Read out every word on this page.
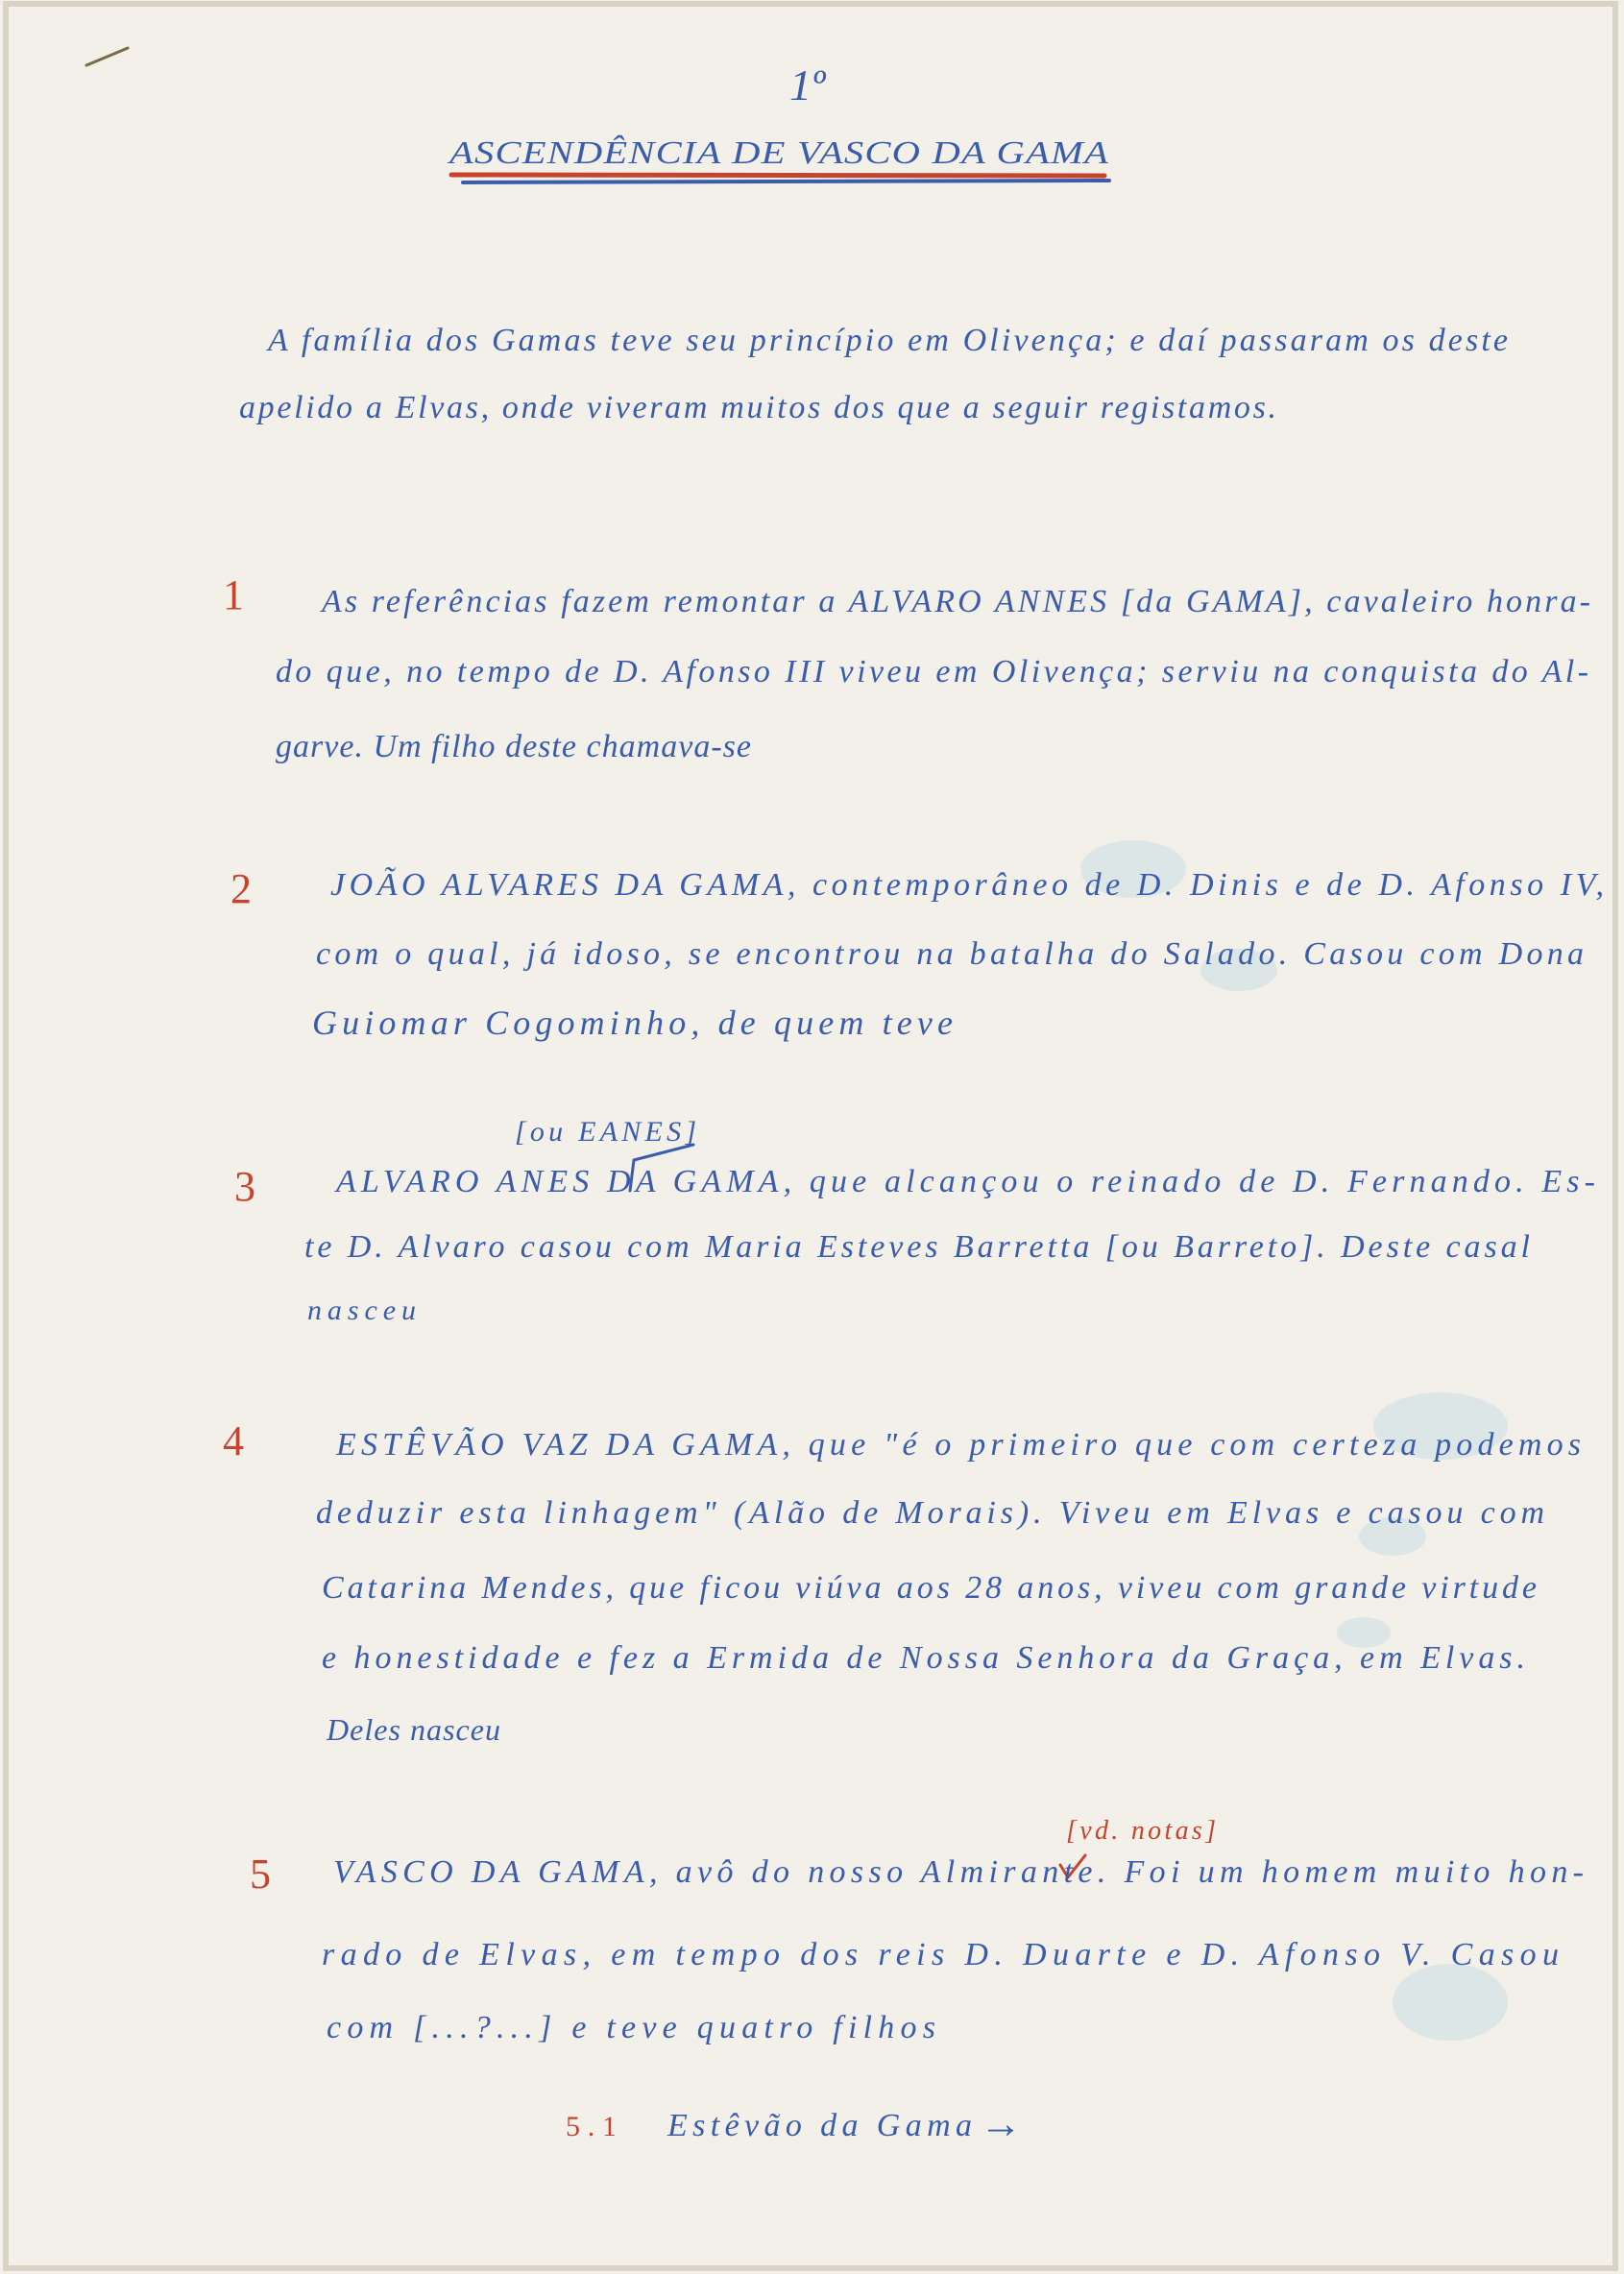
1º
ASCENDÊNCIA DE VASCO DA GAMA
A família dos Gamas teve seu princípio em Olivença; e daí passaram os deste
apelido a Elvas, onde viveram muitos dos que a seguir registamos.
1 As referências fazem remontar a ALVARO ANNES [da GAMA], cavaleiro honra-
do que, no tempo de D. Afonso III viveu em Olivença; serviu na conquista do Al-
garve. Um filho deste chamava-se
2 JOÃO ALVARES DA GAMA, contemporâneo de D. Dinis e de D. Afonso IV,
com o qual, já idoso, se encontrou na batalha do Salado. Casou com Dona
Guiomar Cogominho, de quem teve
[ou EANES]
3 ALVARO ANES DA GAMA, que alcançou o reinado de D. Fernando. Es-
te D. Alvaro casou com Maria Esteves Barretta [ou Barreto]. Deste casal
nasceu
4	ESTÊVÃO VAZ DA GAMA, que "é o primeiro que com certeza podemos
deduzir esta linhagem" (Alão de Morais). Viveu em Elvas e casou com
Catarina Mendes, que ficou viúva aos 28 anos, viveu com grande virtude
e honestidade e fez a Ermida de Nossa Senhora da Graça, em Elvas.
Deles nasceu
[vd. notas]
5 VASCO DA GAMA, avô do nosso Almirante. Foi um homem muito hon-
rado de Elvas, em tempo dos reis D. Duarte e D. Afonso V. Casou
com [...?...] e teve quatro filhos
5.1 Estêvão da Gama →
